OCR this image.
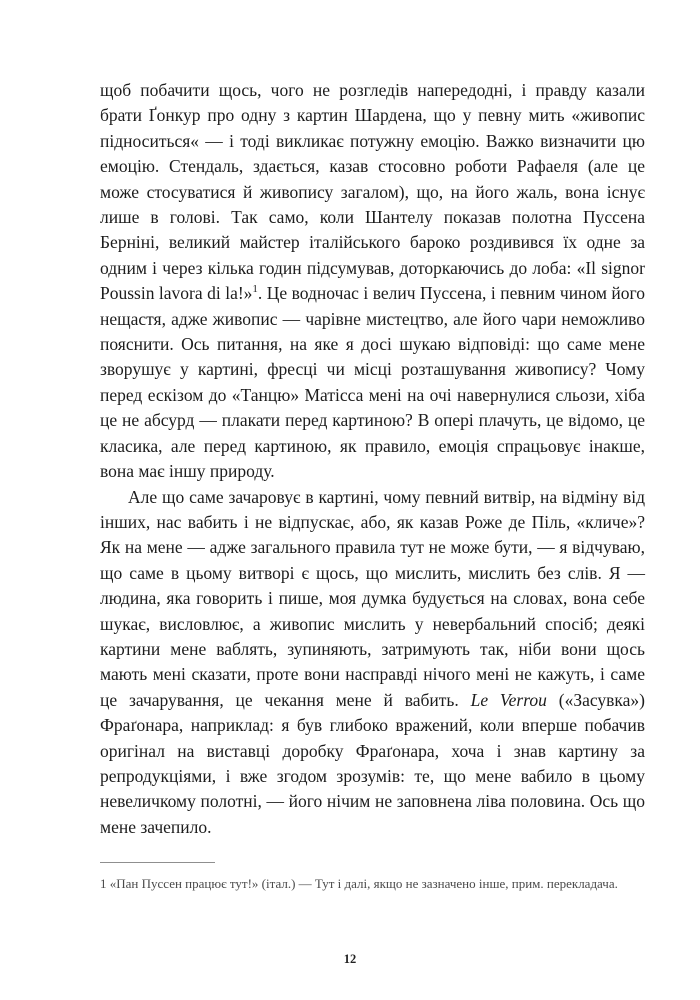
щоб побачити щось, чого не розгледів напередодні, і правду казали брати Ґонкур про одну з картин Шардена, що у певну мить «живопис підноситься« — і тоді викликає потужну емоцію. Важко визначити цю емоцію. Стендаль, здається, казав стосовно роботи Рафаеля (але це може стосуватися й живопису загалом), що, на його жаль, вона існує лише в голові. Так само, коли Шантелу показав полотна Пуссена Берніні, великий майстер італійського бароко роздивився їх одне за одним і через кілька годин підсумував, доторкаючись до лоба: «Il signor Poussin lavora di la!»$^1$. Це водночас і велич Пуссена, і певним чином його нещастя, адже живопис — чарівне мистецтво, але його чари неможливо пояснити. Ось питання, на яке я досі шукаю відповіді: що саме мене зворушує у картині, фресці чи місці розташування живопису? Чому перед ескізом до «Танцю» Матісса мені на очі навернулися сльози, хіба це не абсурд — плакати перед картиною? В опері плачуть, це відомо, це класика, але перед картиною, як правило, емоція спрацьовує інакше, вона має іншу природу.

Але що саме зачаровує в картині, чому певний витвір, на відміну від інших, нас вабить і не відпускає, або, як казав Роже де Піль, «кличе»? Як на мене — адже загального правила тут не може бути, — я відчуваю, що саме в цьому витворі є щось, що мислить, мислить без слів. Я — людина, яка говорить і пише, моя думка будується на словах, вона себе шукає, висловлює, а живопис мислить у невербальний спосіб; деякі картини мене ваблять, зупиняють, затримують так, ніби вони щось мають мені сказати, проте вони насправді нічого мені не кажуть, і саме це зачарування, це чекання мене й вабить. Le Verrou («Засувка») Фраґонара, наприклад: я був глибоко вражений, коли вперше побачив оригінал на виставці доробку Фраґонара, хоча і знав картину за репродукціями, і вже згодом зрозумів: те, що мене вабило в цьому невеличкому полотні, — його нічим не заповнена ліва половина. Ось що мене зачепило.

1 «Пан Пуссен працює тут!» (італ.) — Тут і далі, якщо не зазначено інше, прим. перекладача.

12
